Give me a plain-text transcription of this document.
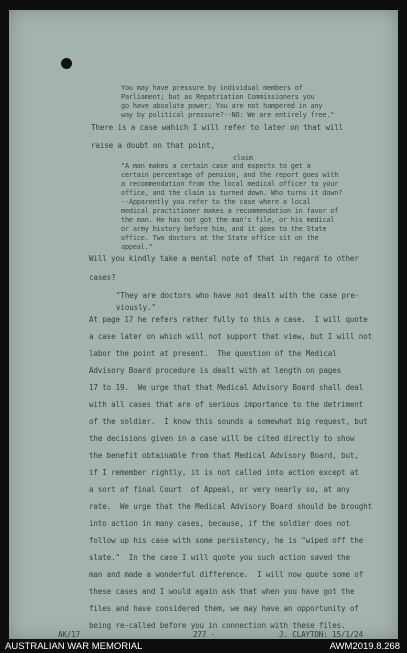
You may have pressure by individual members of
Parliament; but as Repatriation Commissioners you
go have absolute power; You are not hampered in any
way by political pressure?--NO: We are entirely free."
There is a case wahich I will refer to later on that will
raise a doubt on that point,
claim
"A man makes a certain case and expects to get a
certain percentage of pension, and the report goes with
a recommendation from the local medical officer to your
office, and the claim is turned down. Who turns it down?
--Apparently you refer to the case where a local
medical practitioner makes a recommendation in favor of
the man. He has not got the man's file, or his medical
or army history before him, and it goes to the State
office. Two doctors at the State office sit on the
appeal."
Will you kindly take a mental note of that in regard to other
cases?
"They are doctors who have not dealt with the case pre-
viously."
At page 17 he refers rather fully to this a case.  I will quote
a case later on which will not support that view, but I will not
labor the point at present.  The question of the Medical
Advisory Board procedure is dealt with at length on pages
17 to 19.  We urge that that Medical Advisory Board shall deal
with all cases that are of serious importance to the detriment
of the soldier.  I know this sounds a somewhat big request, but
the decisions given in a case will be cited directly to show
the benefit obtainable from that Medical Advisory Board, but,
if I remember rightly, it is not called into action except at
a sort of final Court  of Appeal, or very nearly so, at any
rate.  We urge that the Medical Advisory Board should be brought
into action in many cases, because, if the soldier does not
follow up his case with some persistency, he is "wiped off the
slate."  In the case I will quote you such action saved the
man and made a wonderful difference.  I will now quote some of
these cases and I would again ask that when you have got the
files and have considered them, we may have an opportunity of
being re-called before you in connection with these files.
AK/17	277 -	J. CLAYTON: 15/1/24
AUSTRALIAN WAR MEMORIAL	AWM2019.8.268
